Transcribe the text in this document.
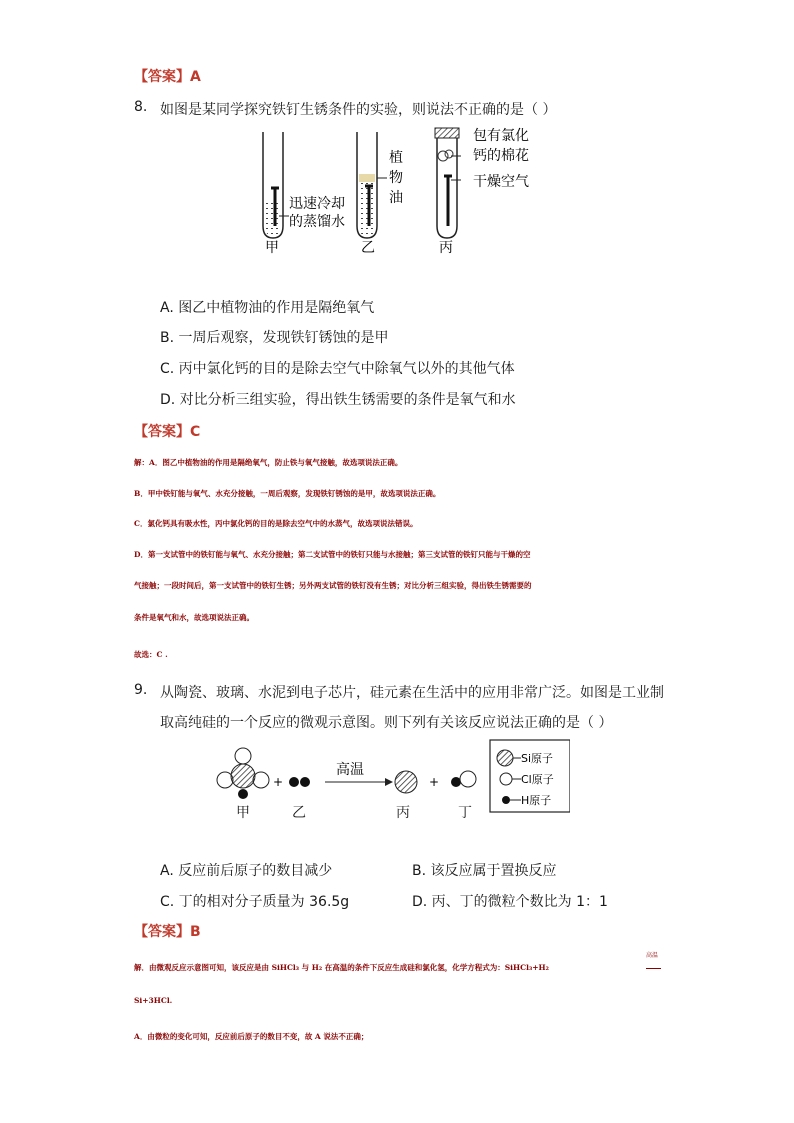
【答案】A
8. 如图是某同学探究铁钉生锈条件的实验，则说法不正确的是（ ）
迅速冷却
的蒸馏水
甲
植
物
油
乙
包有氯化
钙的棉花
干燥空气
丙
A. 图乙中植物油的作用是隔绝氧气
B. 一周后观察，发现铁钉锈蚀的是甲
C. 丙中氯化钙的目的是除去空气中除氧气以外的其他气体
D. 对比分析三组实验，得出铁生锈需要的条件是氧气和水
【答案】C
解：A．图乙中植物油的作用是隔绝氧气，防止铁与氧气接触，故选项说法正确。
B．甲中铁钉能与氧气、水充分接触，一周后观察，发现铁钉锈蚀的是甲，故选项说法正确。
C．氯化钙具有吸水性，丙中氯化钙的目的是除去空气中的水蒸气，故选项说法错误。
D．第一支试管中的铁钉能与氧气、水充分接触；第二支试管中的铁钉只能与水接触；第三支试管的铁钉只能与干燥的空
气接触；一段时间后，第一支试管中的铁钉生锈；另外两支试管的铁钉没有生锈；对比分析三组实验，得出铁生锈需要的
条件是氧气和水，故选项说法正确。
故选：C .
9. 从陶瓷、玻璃、水泥到电子芯片，硅元素在生活中的应用非常广泛。如图是工业制
取高纯硅的一个反应的微观示意图。则下列有关该反应说法正确的是（ ）
+
高温
+
Si原子
Cl原子
H原子
甲	乙	丙	丁
A. 反应前后原子的数目减少	B. 该反应属于置换反应
C. 丁的相对分子质量为 36.5g	D. 丙、丁的微粒个数比为 1：1
【答案】B
解．由微观反应示意图可知，该反应是由 SiHCl₃ 与 H₂ 在高温的条件下反应生成硅和氯化氢，化学方程式为：SiHCl₃+H₂
高温
Si+3HCl.
A．由微粒的变化可知，反应前后原子的数目不变，故 A 说法不正确；
